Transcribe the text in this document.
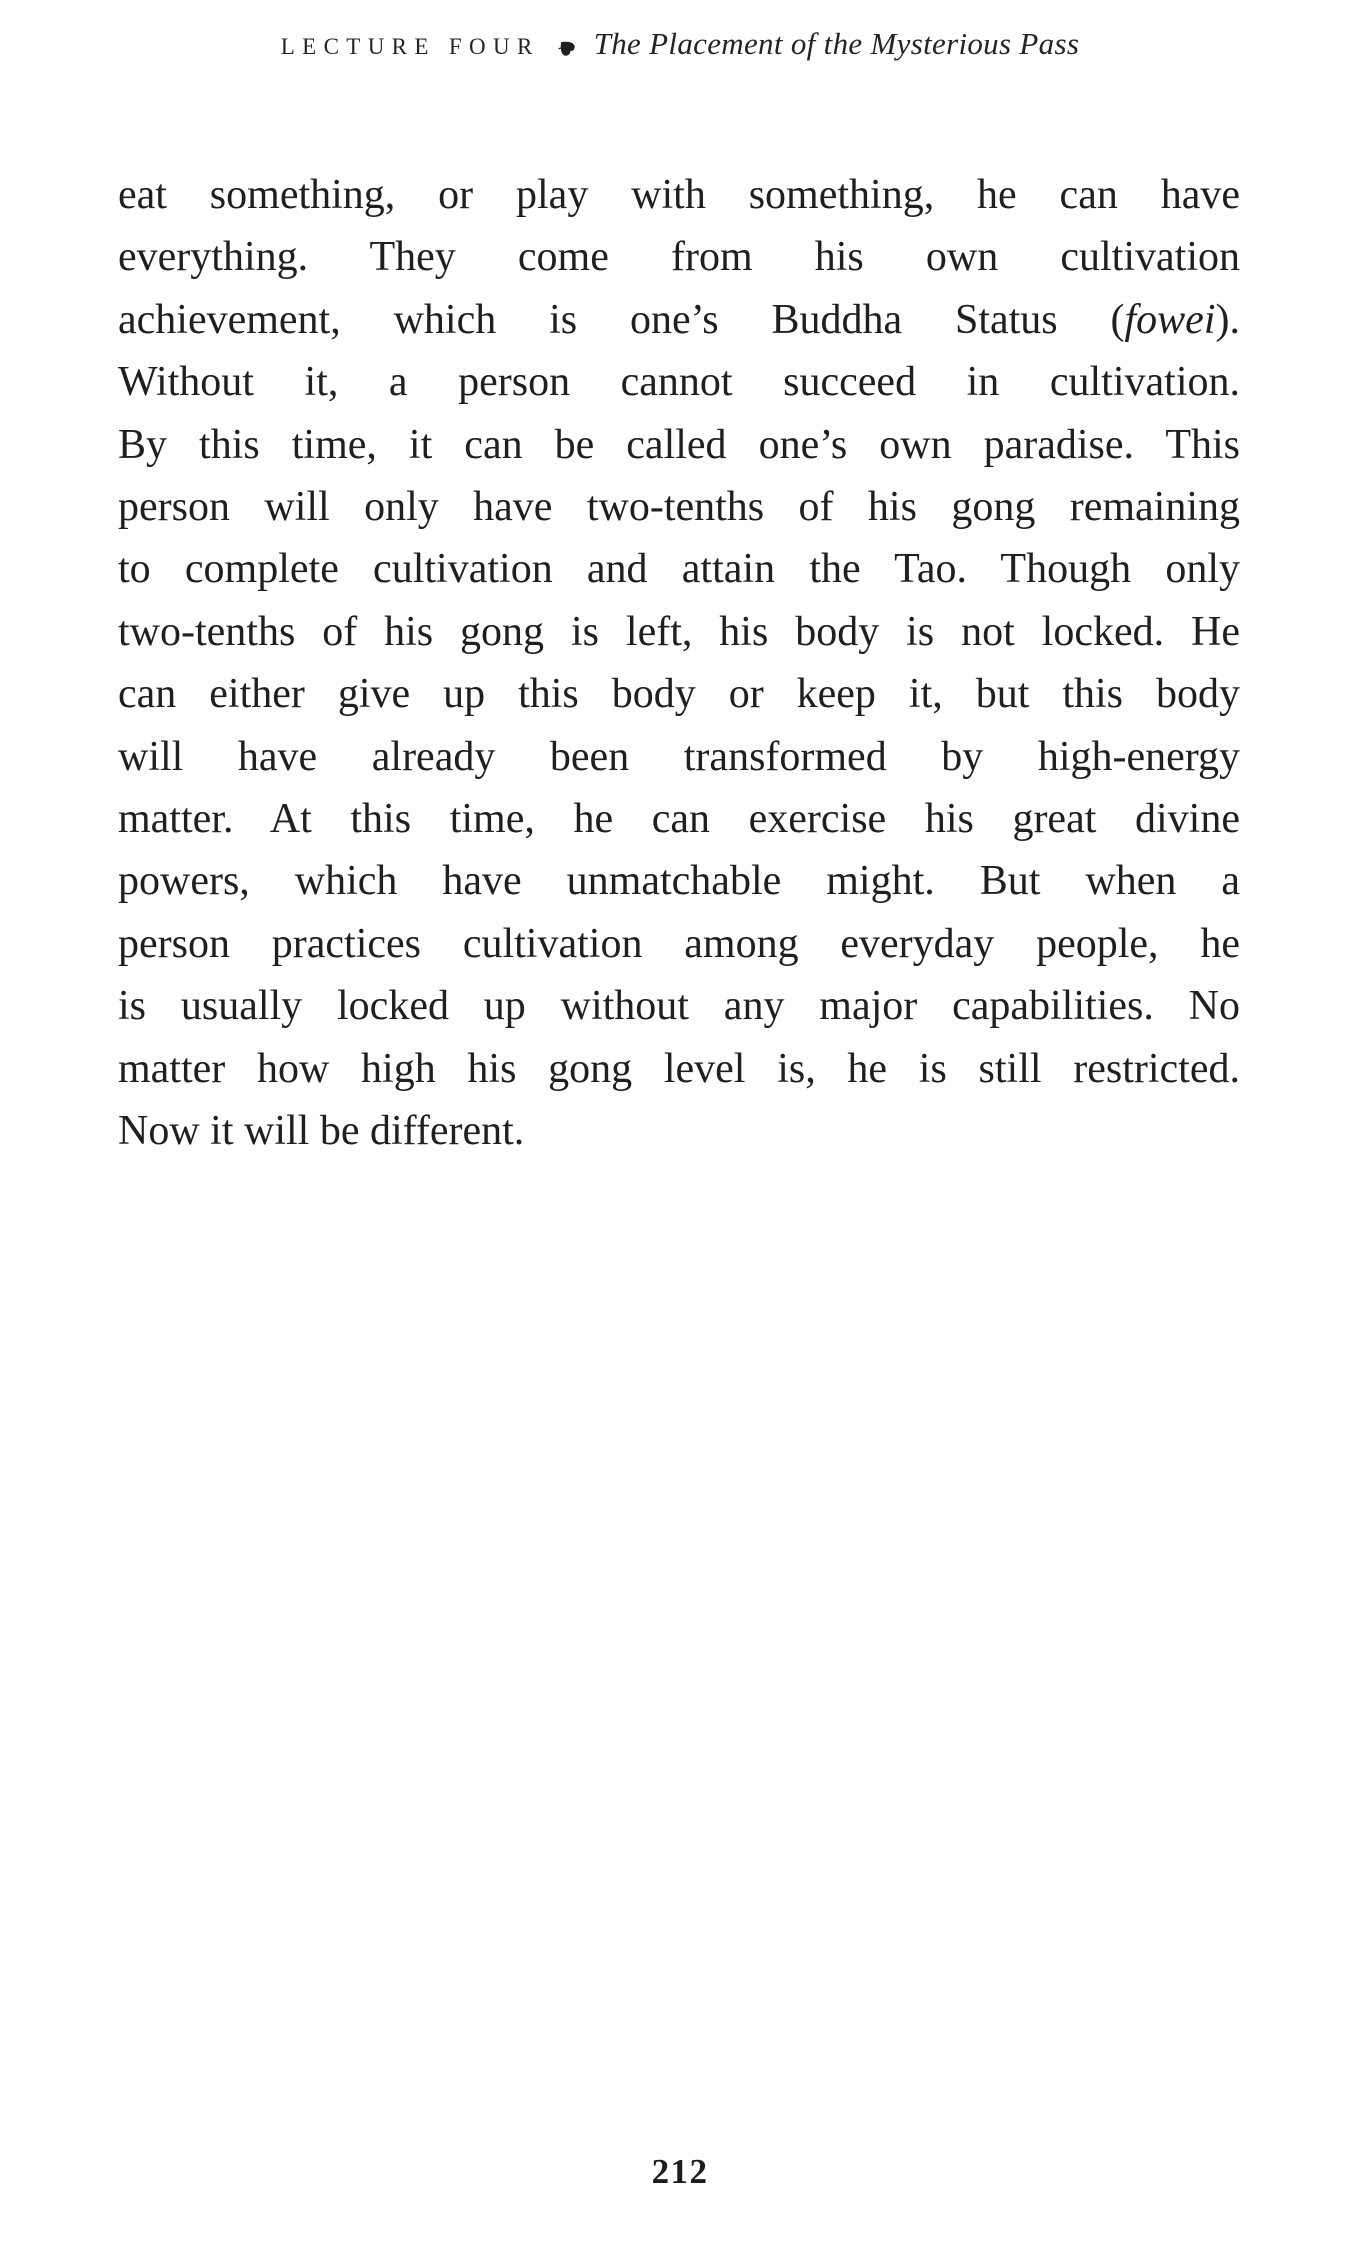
LECTURE FOUR The Placement of the Mysterious Pass
eat something, or play with something, he can have
everything. They come from his own cultivation
achievement, which is one’s Buddha Status (fowei).
Without it, a person cannot succeed in cultivation.
By this time, it can be called one’s own paradise. This
person will only have two-tenths of his gong remaining
to complete cultivation and attain the Tao. Though only
two-tenths of his gong is left, his body is not locked. He
can either give up this body or keep it, but this body
will have already been transformed by high-energy
matter. At this time, he can exercise his great divine
powers, which have unmatchable might. But when a
person practices cultivation among everyday people, he
is usually locked up without any major capabilities. No
matter how high his gong level is, he is still restricted.
Now it will be different.
212
